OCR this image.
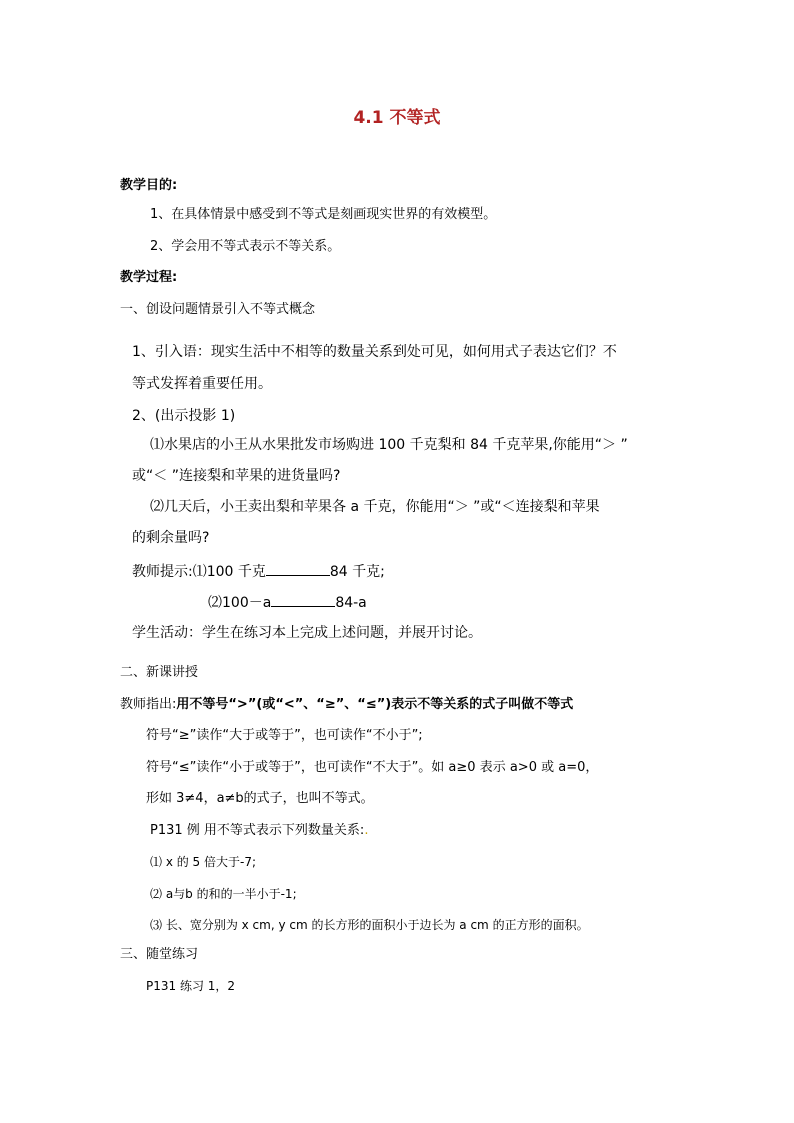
4.1 不等式
教学目的:
1、在具体情景中感受到不等式是刻画现实世界的有效模型。
2、学会用不等式表示不等关系。
教学过程:
一、创设问题情景引入不等式概念
1、引入语：现实生活中不相等的数量关系到处可见，如何用式子表达它们？不
等式发挥着重要任用。
2、(出示投影 1)
⑴水果店的小王从水果批发市场购进 100 千克梨和 84 千克苹果,你能用“＞ ”
或“＜ ”连接梨和苹果的进货量吗?
⑵几天后，小王卖出梨和苹果各 a 千克，你能用“＞ ”或“＜连接梨和苹果
的剩余量吗?
教师提示:⑴100 千克	84 千克;
⑵100－a	84-a
学生活动：学生在练习本上完成上述问题，并展开讨论。
二、新课讲授
教师指出:用不等号“>”(或“<”、“≥”、“≤”)表示不等关系的式子叫做不等式
符号“≥”读作“大于或等于”，也可读作“不小于”;
符号“≤”读作“小于或等于”，也可读作“不大于”。如 a≥0 表示 a>0 或 a=0，
形如 3≠4，a≠b的式子，也叫不等式。
P131 例 用不等式表示下列数量关系:.
⑴ x 的 5 倍大于-7;
⑵ a与b 的和的一半小于-1;
⑶ 长、宽分别为 x cm, y cm 的长方形的面积小于边长为 a cm 的正方形的面积。
三、随堂练习
P131 练习 1，2
